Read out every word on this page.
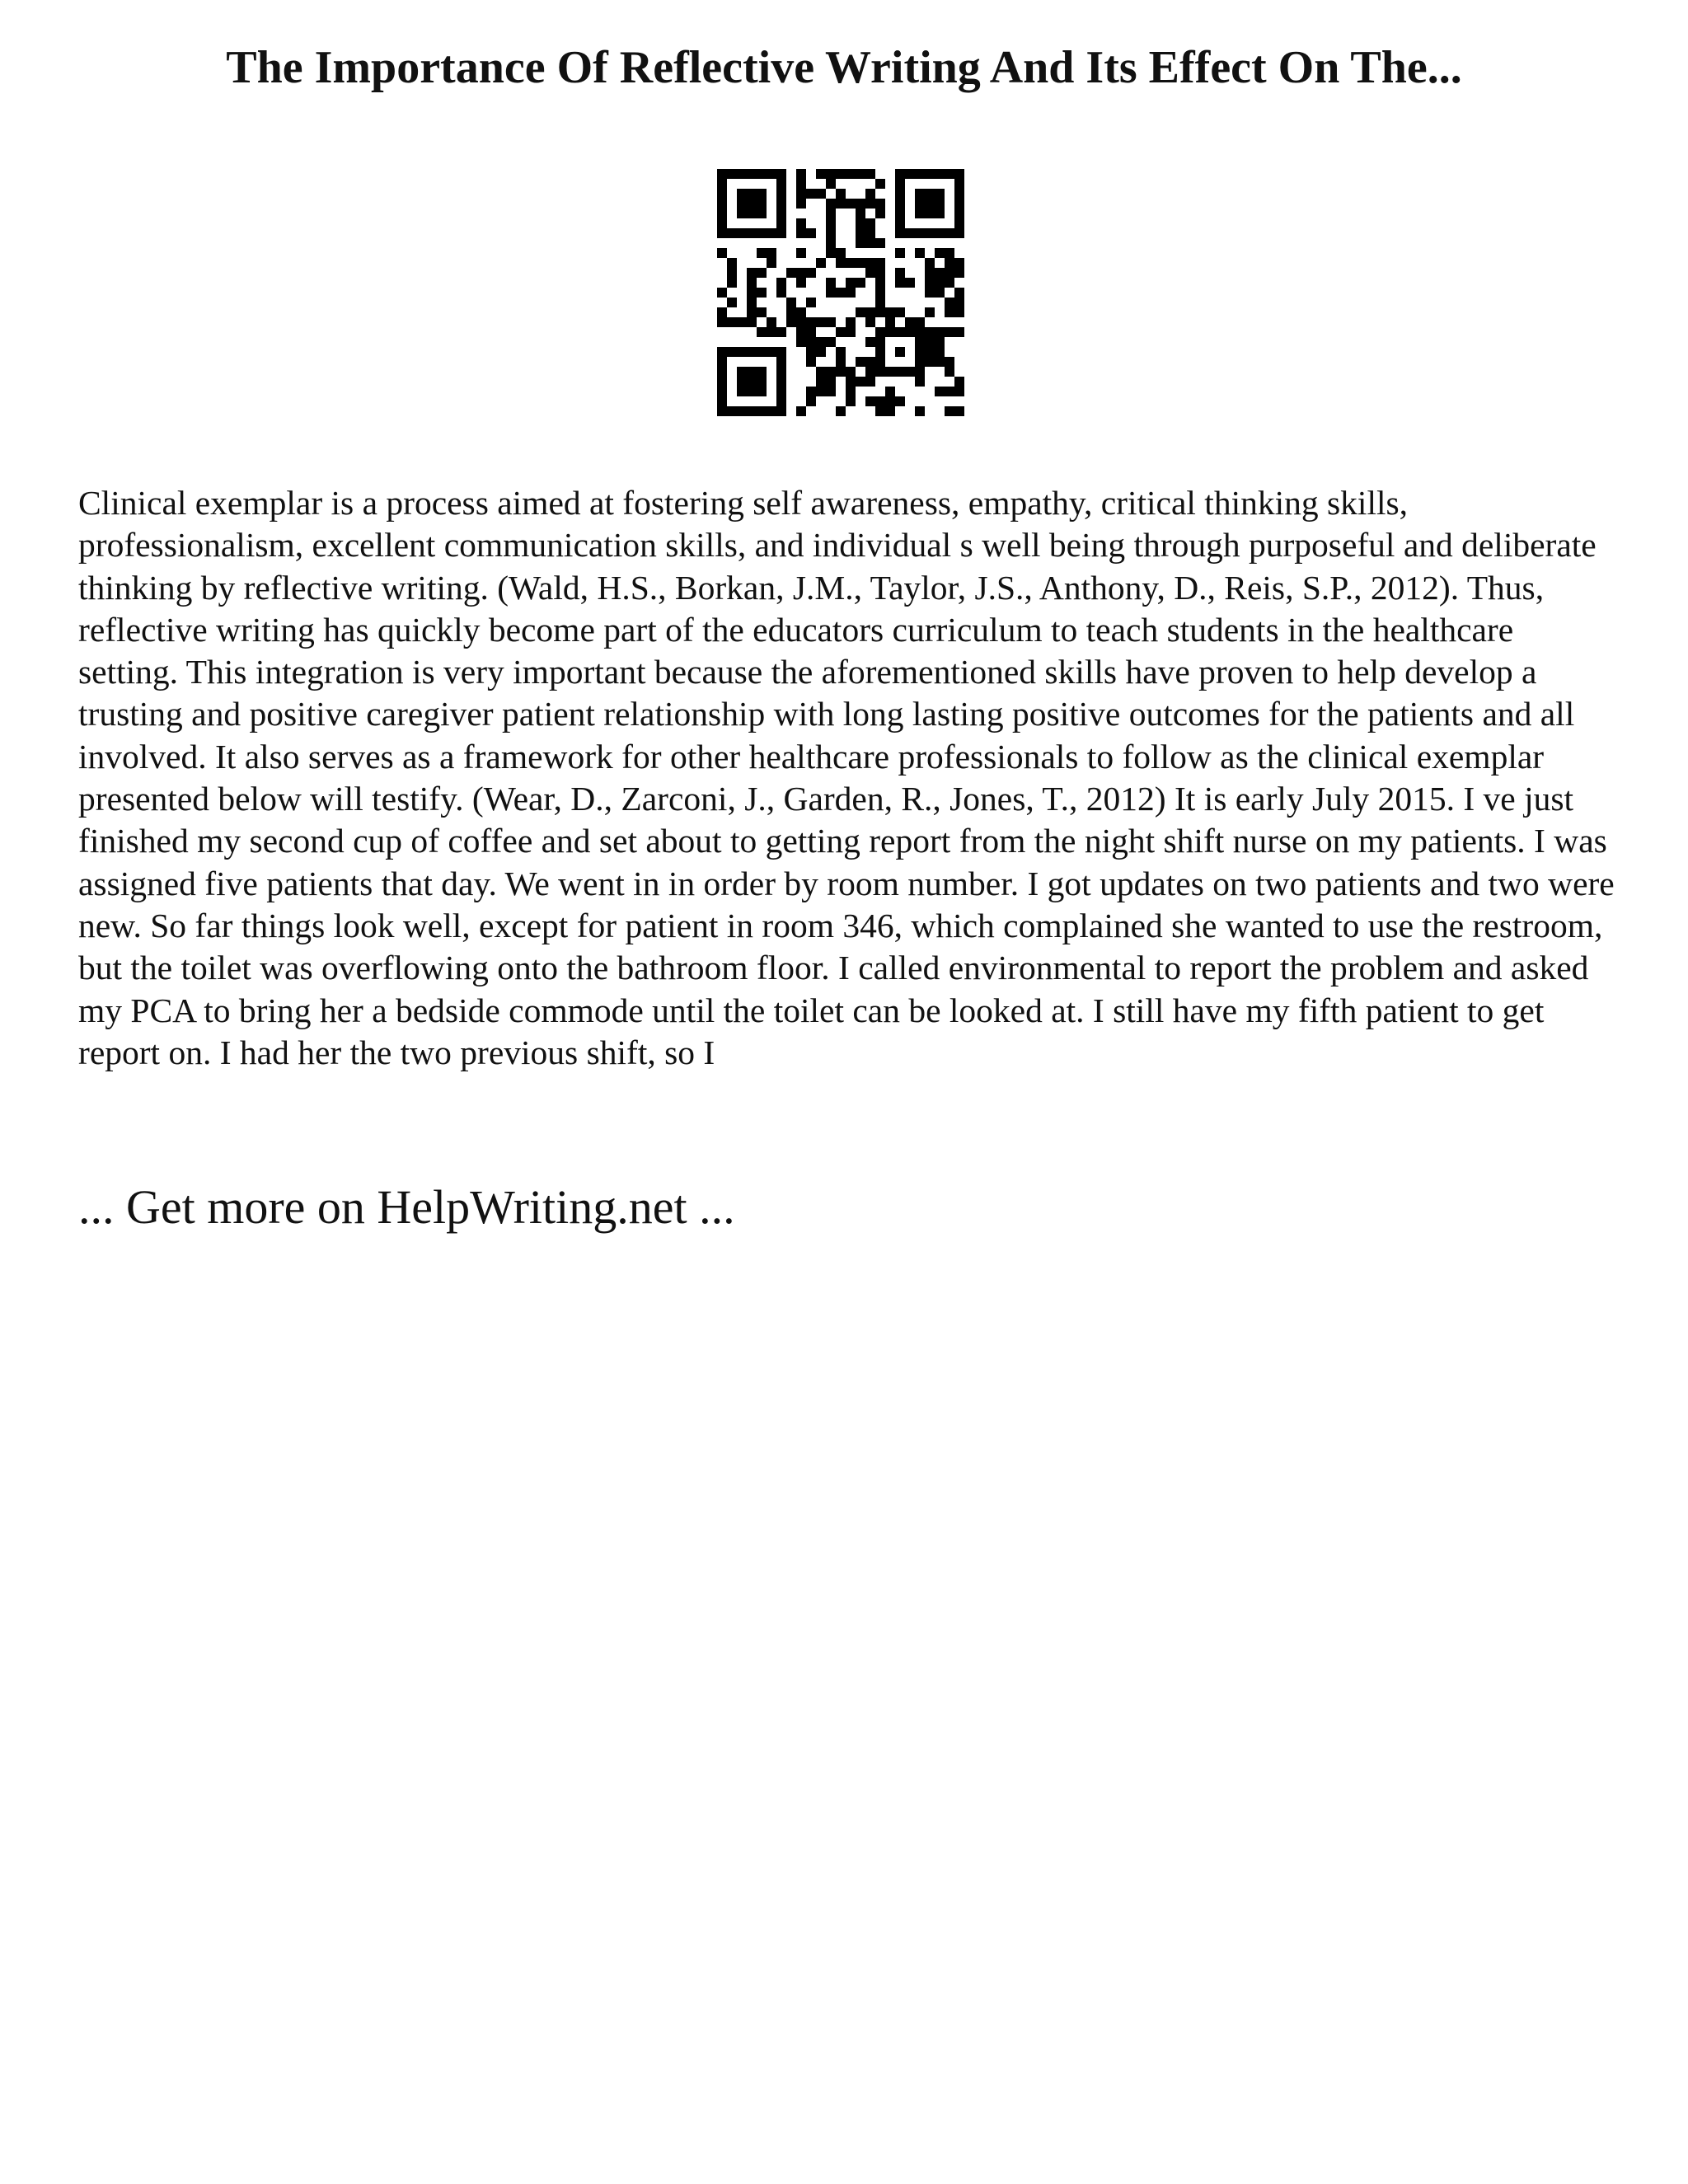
The Importance Of Reflective Writing And Its Effect On The...

Clinical exemplar is a process aimed at fostering self awareness, empathy, critical thinking skills, professionalism, excellent communication skills, and individual s well being through purposeful and deliberate thinking by reflective writing. (Wald, H.S., Borkan, J.M., Taylor, J.S., Anthony, D., Reis, S.P., 2012). Thus, reflective writing has quickly become part of the educators curriculum to teach students in the healthcare setting. This integration is very important because the aforementioned skills have proven to help develop a trusting and positive caregiver patient relationship with long lasting positive outcomes for the patients and all involved. It also serves as a framework for other healthcare professionals to follow as the clinical exemplar presented below will testify. (Wear, D., Zarconi, J., Garden, R., Jones, T., 2012) It is early July 2015. I ve just finished my second cup of coffee and set about to getting report from the night shift nurse on my patients. I was assigned five patients that day. We went in in order by room number. I got updates on two patients and two were new. So far things look well, except for patient in room 346, which complained she wanted to use the restroom, but the toilet was overflowing onto the bathroom floor. I called environmental to report the problem and asked my PCA to bring her a bedside commode until the toilet can be looked at. I still have my fifth patient to get report on. I had her the two previous shift, so I

... Get more on HelpWriting.net ...
